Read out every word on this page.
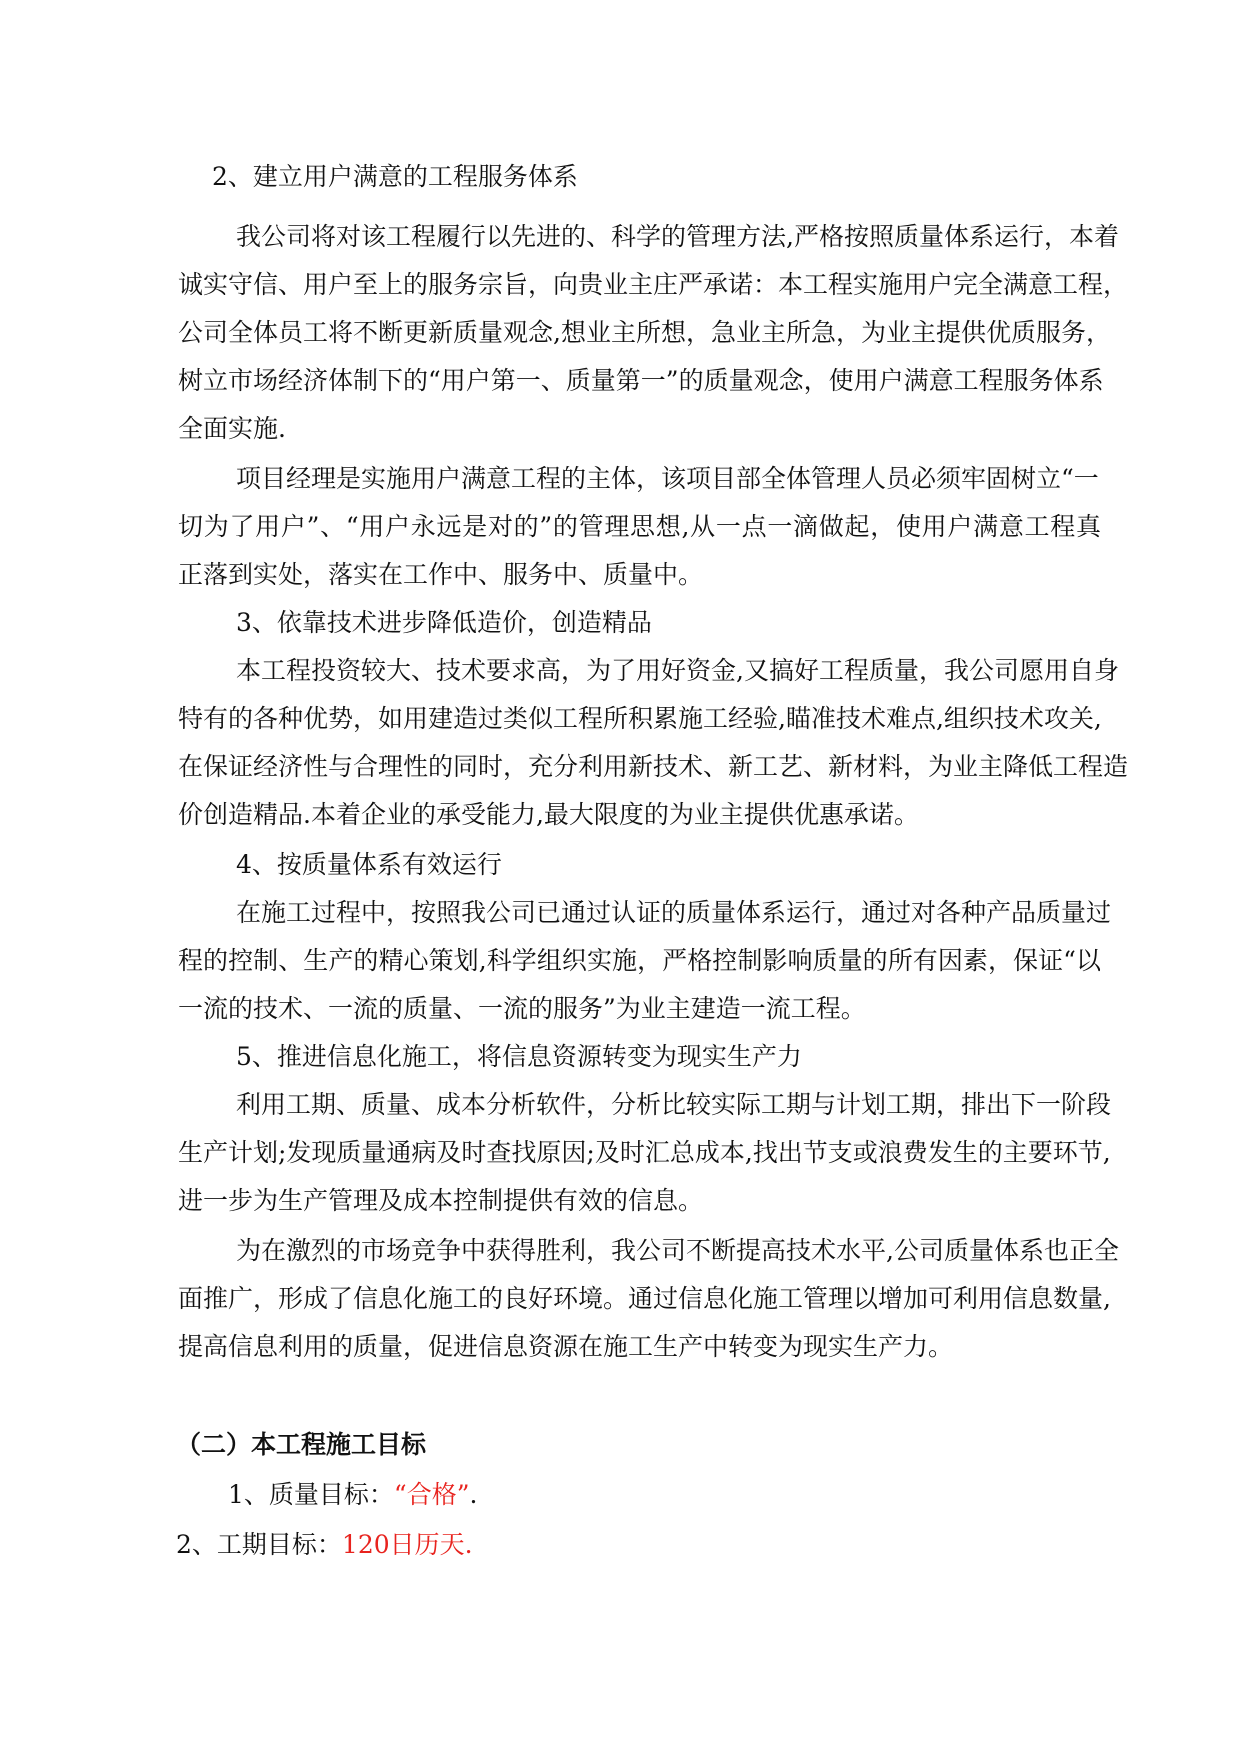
2、建立用户满意的工程服务体系
我公司将对该工程履行以先进的、科学的管理方法,严格按照质量体系运行，本着
诚实守信、用户至上的服务宗旨，向贵业主庄严承诺：本工程实施用户完全满意工程，
公司全体员工将不断更新质量观念,想业主所想，急业主所急，为业主提供优质服务，
树立市场经济体制下的“用户第一、质量第一”的质量观念，使用户满意工程服务体系
全面实施.
项目经理是实施用户满意工程的主体，该项目部全体管理人员必须牢固树立“一
切为了用户”、“用户永远是对的”的管理思想,从一点一滴做起，使用户满意工程真
正落到实处，落实在工作中、服务中、质量中。
3、依靠技术进步降低造价，创造精品
本工程投资较大、技术要求高，为了用好资金,又搞好工程质量，我公司愿用自身
特有的各种优势，如用建造过类似工程所积累施工经验,瞄准技术难点,组织技术攻关,
在保证经济性与合理性的同时，充分利用新技术、新工艺、新材料，为业主降低工程造
价创造精品.本着企业的承受能力,最大限度的为业主提供优惠承诺。
4、按质量体系有效运行
在施工过程中，按照我公司已通过认证的质量体系运行，通过对各种产品质量过
程的控制、生产的精心策划,科学组织实施，严格控制影响质量的所有因素，保证“以
一流的技术、一流的质量、一流的服务”为业主建造一流工程。
5、推进信息化施工，将信息资源转变为现实生产力
利用工期、质量、成本分析软件，分析比较实际工期与计划工期，排出下一阶段
生产计划;发现质量通病及时查找原因;及时汇总成本,找出节支或浪费发生的主要环节,
进一步为生产管理及成本控制提供有效的信息。
为在激烈的市场竞争中获得胜利，我公司不断提高技术水平,公司质量体系也正全
面推广，形成了信息化施工的良好环境。通过信息化施工管理以增加可利用信息数量,
提高信息利用的质量，促进信息资源在施工生产中转变为现实生产力。
（二）本工程施工目标
1、质量目标：“合格”.
2、工期目标：120日历天.
